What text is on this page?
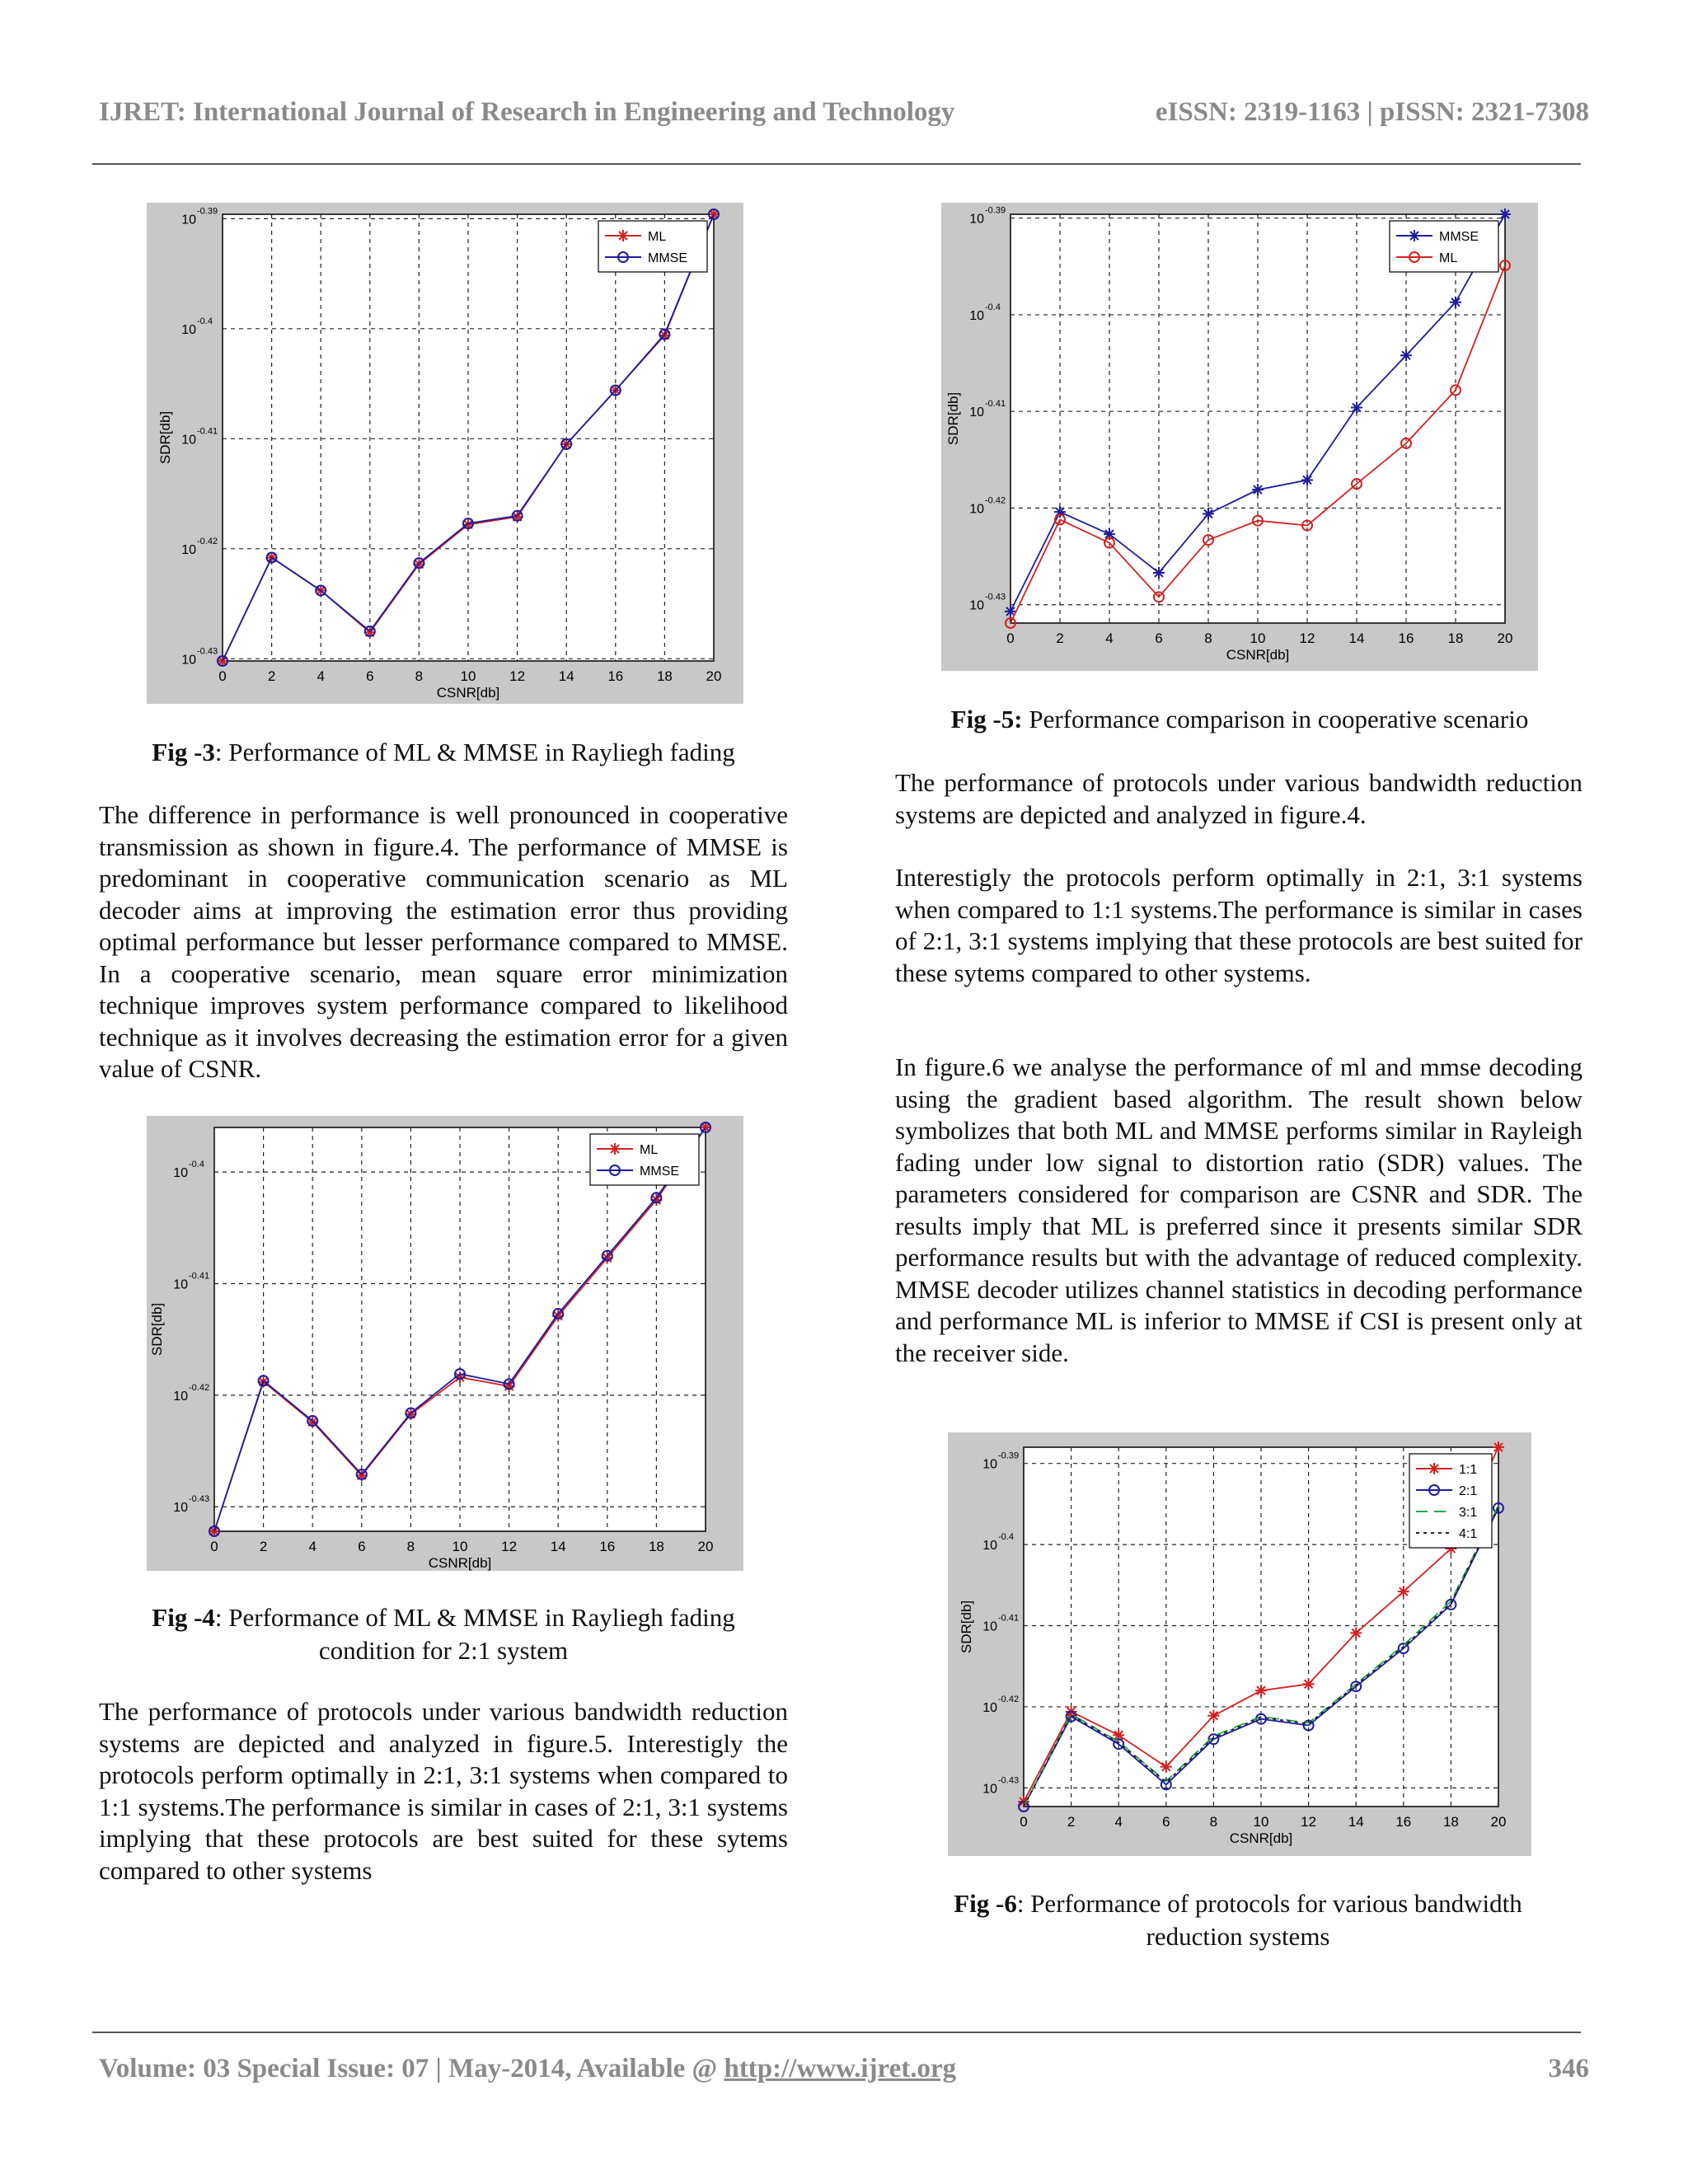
IJRET: International Journal of Research in Engineering and Technology	eISSN: 2319-1163 | pISSN: 2321-7308
0	2	4	6	8	10 12 14 16 18 20
10
-0.39
10
-0.4
10
-0.41
10
-0.42
10
-0.43
CSNR[db]
SDR[db]
ML
MMSE
0	2	4	6	8	10 12 14 16 18 20
10
-0.39
10
-0.4
10
-0.41
10
-0.42
10
-0.43
CSNR[db]
SDR[db]
MMSE
ML
0	2	4	6	8	10 12 14 16 18 20
10
-0.4
10
-0.41
10
-0.42
10
-0.43
CSNR[db]
SDR[db]
ML
MMSE
0	2	4	6	8	10 12 14 16 18 20
10
-0.39
10
-0.4
10
-0.41
10
-0.42
10
-0.43
CSNR[db]
SDR[db]
1:1
2:1
3:1
4:1
Fig -3: Performance of ML & MMSE in Rayliegh fading
Fig -5: Performance comparison in cooperative scenario
Fig -4: Performance of ML & MMSE in Rayliegh fading condition for 2:1 system
Fig -6: Performance of protocols for various bandwidth reduction systems

The difference in performance is well pronounced in cooperative transmission as shown in figure.4. The performance of MMSE is predominant in cooperative communication scenario as ML decoder aims at improving the estimation error thus providing optimal performance but lesser performance compared to MMSE. In a cooperative scenario, mean square error minimization technique improves system performance compared to likelihood technique as it involves decreasing the estimation error for a given value of CSNR.

The performance of protocols under various bandwidth reduction systems are depicted and analyzed in figure.5. Interestigly the protocols perform optimally in 2:1, 3:1 systems when compared to 1:1 systems.The performance is similar in cases of 2:1, 3:1 systems implying that these protocols are best suited for these sytems compared to other systems

The performance of protocols under various bandwidth reduction systems are depicted and analyzed in figure.4.

Interestigly the protocols perform optimally in 2:1, 3:1 systems when compared to 1:1 systems.The performance is similar in cases of 2:1, 3:1 systems implying that these protocols are best suited for these sytems compared to other systems.

In figure.6 we analyse the performance of ml and mmse decoding using the gradient based algorithm. The result shown below symbolizes that both ML and MMSE performs similar in Rayleigh fading under low signal to distortion ratio (SDR) values. The parameters considered for comparison are CSNR and SDR. The results imply that ML is preferred since it presents similar SDR performance results but with the advantage of reduced complexity. MMSE decoder utilizes channel statistics in decoding performance and performance ML is inferior to MMSE if CSI is present only at the receiver side.

Volume: 03 Special Issue: 07 | May-2014, Available @ http://www.ijret.org	346
